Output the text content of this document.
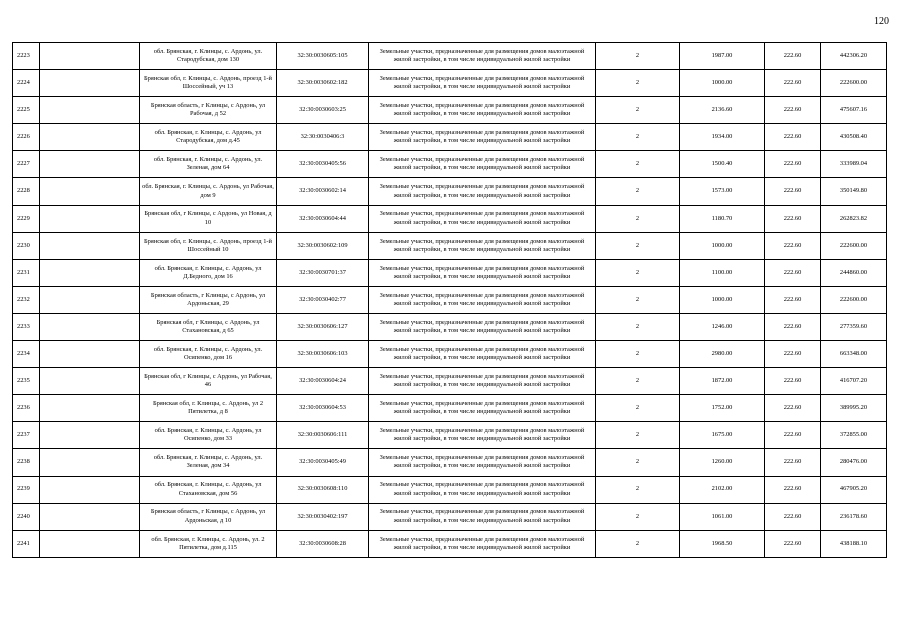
120
2223		обл. Брянская, г. Клинцы, с. Ардонь, ул. Стародубская, дом 130	32:30:0030605:105	Земельные участки, предназначенные для размещения домов малоэтажной жилой застройки, в том числе индивидуальной жилой застройки	2	1987.00	222.60	442306.20
2224		Брянская обл, г. Клинцы, с. Ардонь, проезд 1-й Шоссейный, уч 13	32:30:0030602:182	Земельные участки, предназначенные для размещения домов малоэтажной жилой застройки, в том числе индивидуальной жилой застройки	2	1000.00	222.60	222600.00
2225		Брянская область, г Клинцы, с Ардонь, ул Рабочая, д 52	32:30:0030603:25	Земельные участки, предназначенные для размещения домов малоэтажной жилой застройки, в том числе индивидуальной жилой застройки	2	2136.60	222.60	475607.16
2226		обл. Брянская, г. Клинцы, с. Ардонь, ул Стародубская, дом д.45	32:30:0030406:3	Земельные участки, предназначенные для размещения домов малоэтажной жилой застройки, в том числе индивидуальной жилой застройки	2	1934.00	222.60	430508.40
2227		обл. Брянская, г. Клинцы, с. Ардонь, ул. Зеленая, дом 64	32:30:0030405:56	Земельные участки, предназначенные для размещения домов малоэтажной жилой застройки, в том числе индивидуальной жилой застройки	2	1500.40	222.60	333989.04
2228		обл. Брянская, г. Клинцы, с. Ардонь, ул Рабочая, дом 9	32:30:0030602:14	Земельные участки, предназначенные для размещения домов малоэтажной жилой застройки, в том числе индивидуальной жилой застройки	2	1573.00	222.60	350149.80
2229		Брянская обл, г Клинцы, с Ардонь, ул Новая, д 10	32:30:0030604:44	Земельные участки, предназначенные для размещения домов малоэтажной жилой застройки, в том числе индивидуальной жилой застройки	2	1180.70	222.60	262823.82
2230		Брянская обл, г. Клинцы, с. Ардонь, проезд 1-й Шоссейный 10	32:30:0030602:109	Земельные участки, предназначенные для размещения домов малоэтажной жилой застройки, в том числе индивидуальной жилой застройки	2	1000.00	222.60	222600.00
2231		обл. Брянская, г. Клинцы, с. Ардонь, ул Д.Бедного, дом 16	32:30:0030701:37	Земельные участки, предназначенные для размещения домов малоэтажной жилой застройки, в том числе индивидуальной жилой застройки	2	1100.00	222.60	244860.00
2232		Брянская область, г Клинцы, с Ардонь, ул Ардоньская, 29	32:30:0030402:77	Земельные участки, предназначенные для размещения домов малоэтажной жилой застройки, в том числе индивидуальной жилой застройки	2	1000.00	222.60	222600.00
2233		Брянская обл, г Клинцы, с Ардонь, ул Стахановская, д 65	32:30:0030606:127	Земельные участки, предназначенные для размещения домов малоэтажной жилой застройки, в том числе индивидуальной жилой застройки	2	1246.00	222.60	277359.60
2234		обл. Брянская, г. Клинцы, с. Ардонь, ул. Осипенко, дом 16	32:30:0030606:103	Земельные участки, предназначенные для размещения домов малоэтажной жилой застройки, в том числе индивидуальной жилой застройки	2	2980.00	222.60	663348.00
2235		Брянская обл, г Клинцы, с Ардонь, ул Рабочая, 46	32:30:0030604:24	Земельные участки, предназначенные для размещения домов малоэтажной жилой застройки, в том числе индивидуальной жилой застройки	2	1872.00	222.60	416707.20
2236		Брянская обл, г. Клинцы, с. Ардонь, ул 2 Пятилетка, д 8	32:30:0030604:53	Земельные участки, предназначенные для размещения домов малоэтажной жилой застройки, в том числе индивидуальной жилой застройки	2	1752.00	222.60	389995.20
2237		обл. Брянская, г. Клинцы, с. Ардонь, ул Осипенко, дом 33	32:30:0030606:111	Земельные участки, предназначенные для размещения домов малоэтажной жилой застройки, в том числе индивидуальной жилой застройки	2	1675.00	222.60	372855.00
2238		обл. Брянская, г. Клинцы, с. Ардонь, ул. Зеленая, дом 34	32:30:0030405:49	Земельные участки, предназначенные для размещения домов малоэтажной жилой застройки, в том числе индивидуальной жилой застройки	2	1260.00	222.60	280476.00
2239		обл. Брянская, г. Клинцы, с. Ардонь, ул Стахановская, дом 56	32:30:0030608:110	Земельные участки, предназначенные для размещения домов малоэтажной жилой застройки, в том числе индивидуальной жилой застройки	2	2102.00	222.60	467905.20
2240		Брянская область, г Клинцы, с Ардонь, ул Ардоньская, д 10	32:30:0030402:197	Земельные участки, предназначенные для размещения домов малоэтажной жилой застройки, в том числе индивидуальной жилой застройки	2	1061.00	222.60	236178.60
2241		обл. Брянская, г. Клинцы, с. Ардонь, ул. 2 Пятилетка, дом д.115	32:30:0030608:28	Земельные участки, предназначенные для размещения домов малоэтажной жилой застройки, в том числе индивидуальной жилой застройки	2	1968.50	222.60	438188.10
